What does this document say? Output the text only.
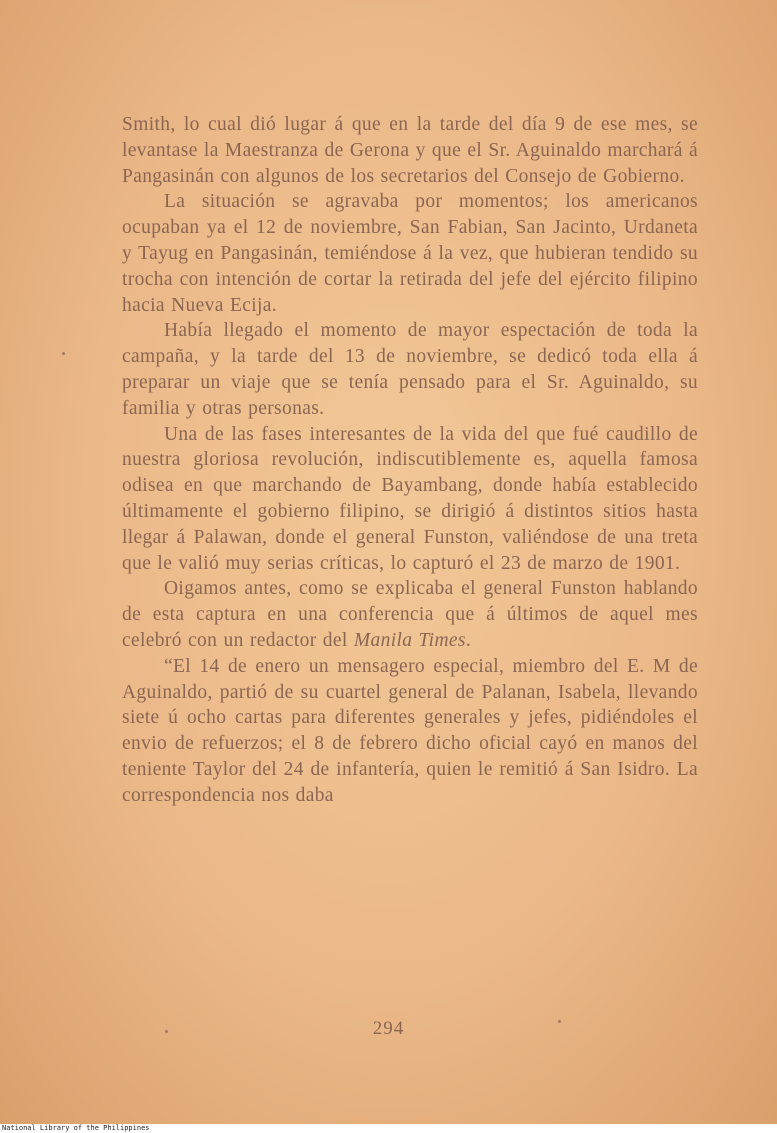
Smith, lo cual dió lugar á que en la tarde del día 9 de ese mes, se levantase la Maestranza de Gerona y que el Sr. Aguinaldo marchará á Pangasinán con algunos de los secretarios del Consejo de Gobierno.

La situación se agravaba por momentos; los americanos ocupaban ya el 12 de noviembre, San Fabian, San Jacinto, Urdaneta y Tayug en Pangasinán, temiéndose á la vez, que hubieran tendido su trocha con intención de cortar la retirada del jefe del ejército filipino hacia Nueva Ecija.

Había llegado el momento de mayor espectación de toda la campaña, y la tarde del 13 de noviembre, se dedicó toda ella á preparar un viaje que se tenía pensado para el Sr. Aguinaldo, su familia y otras personas.

Una de las fases interesantes de la vida del que fué caudillo de nuestra gloriosa revolución, indiscutiblemente es, aquella famosa odisea en que marchando de Bayambang, donde había establecido últimamente el gobierno filipino, se dirigió á distintos sitios hasta llegar á Palawan, donde el general Funston, valiéndose de una treta que le valió muy serias críticas, lo capturó el 23 de marzo de 1901.

Oigamos antes, como se explicaba el general Funston hablando de esta captura en una conferencia que á últimos de aquel mes celebró con un redactor del Manila Times.

“El 14 de enero un mensagero especial, miembro del E. M de Aguinaldo, partió de su cuartel general de Palanan, Isabela, llevando siete ú ocho cartas para diferentes generales y jefes, pidiéndoles el envio de refuerzos; el 8 de febrero dicho oficial cayó en manos del teniente Taylor del 24 de infantería, quien le remitió á San Isidro. La correspondencia nos daba

294
National Library of the Philippines
